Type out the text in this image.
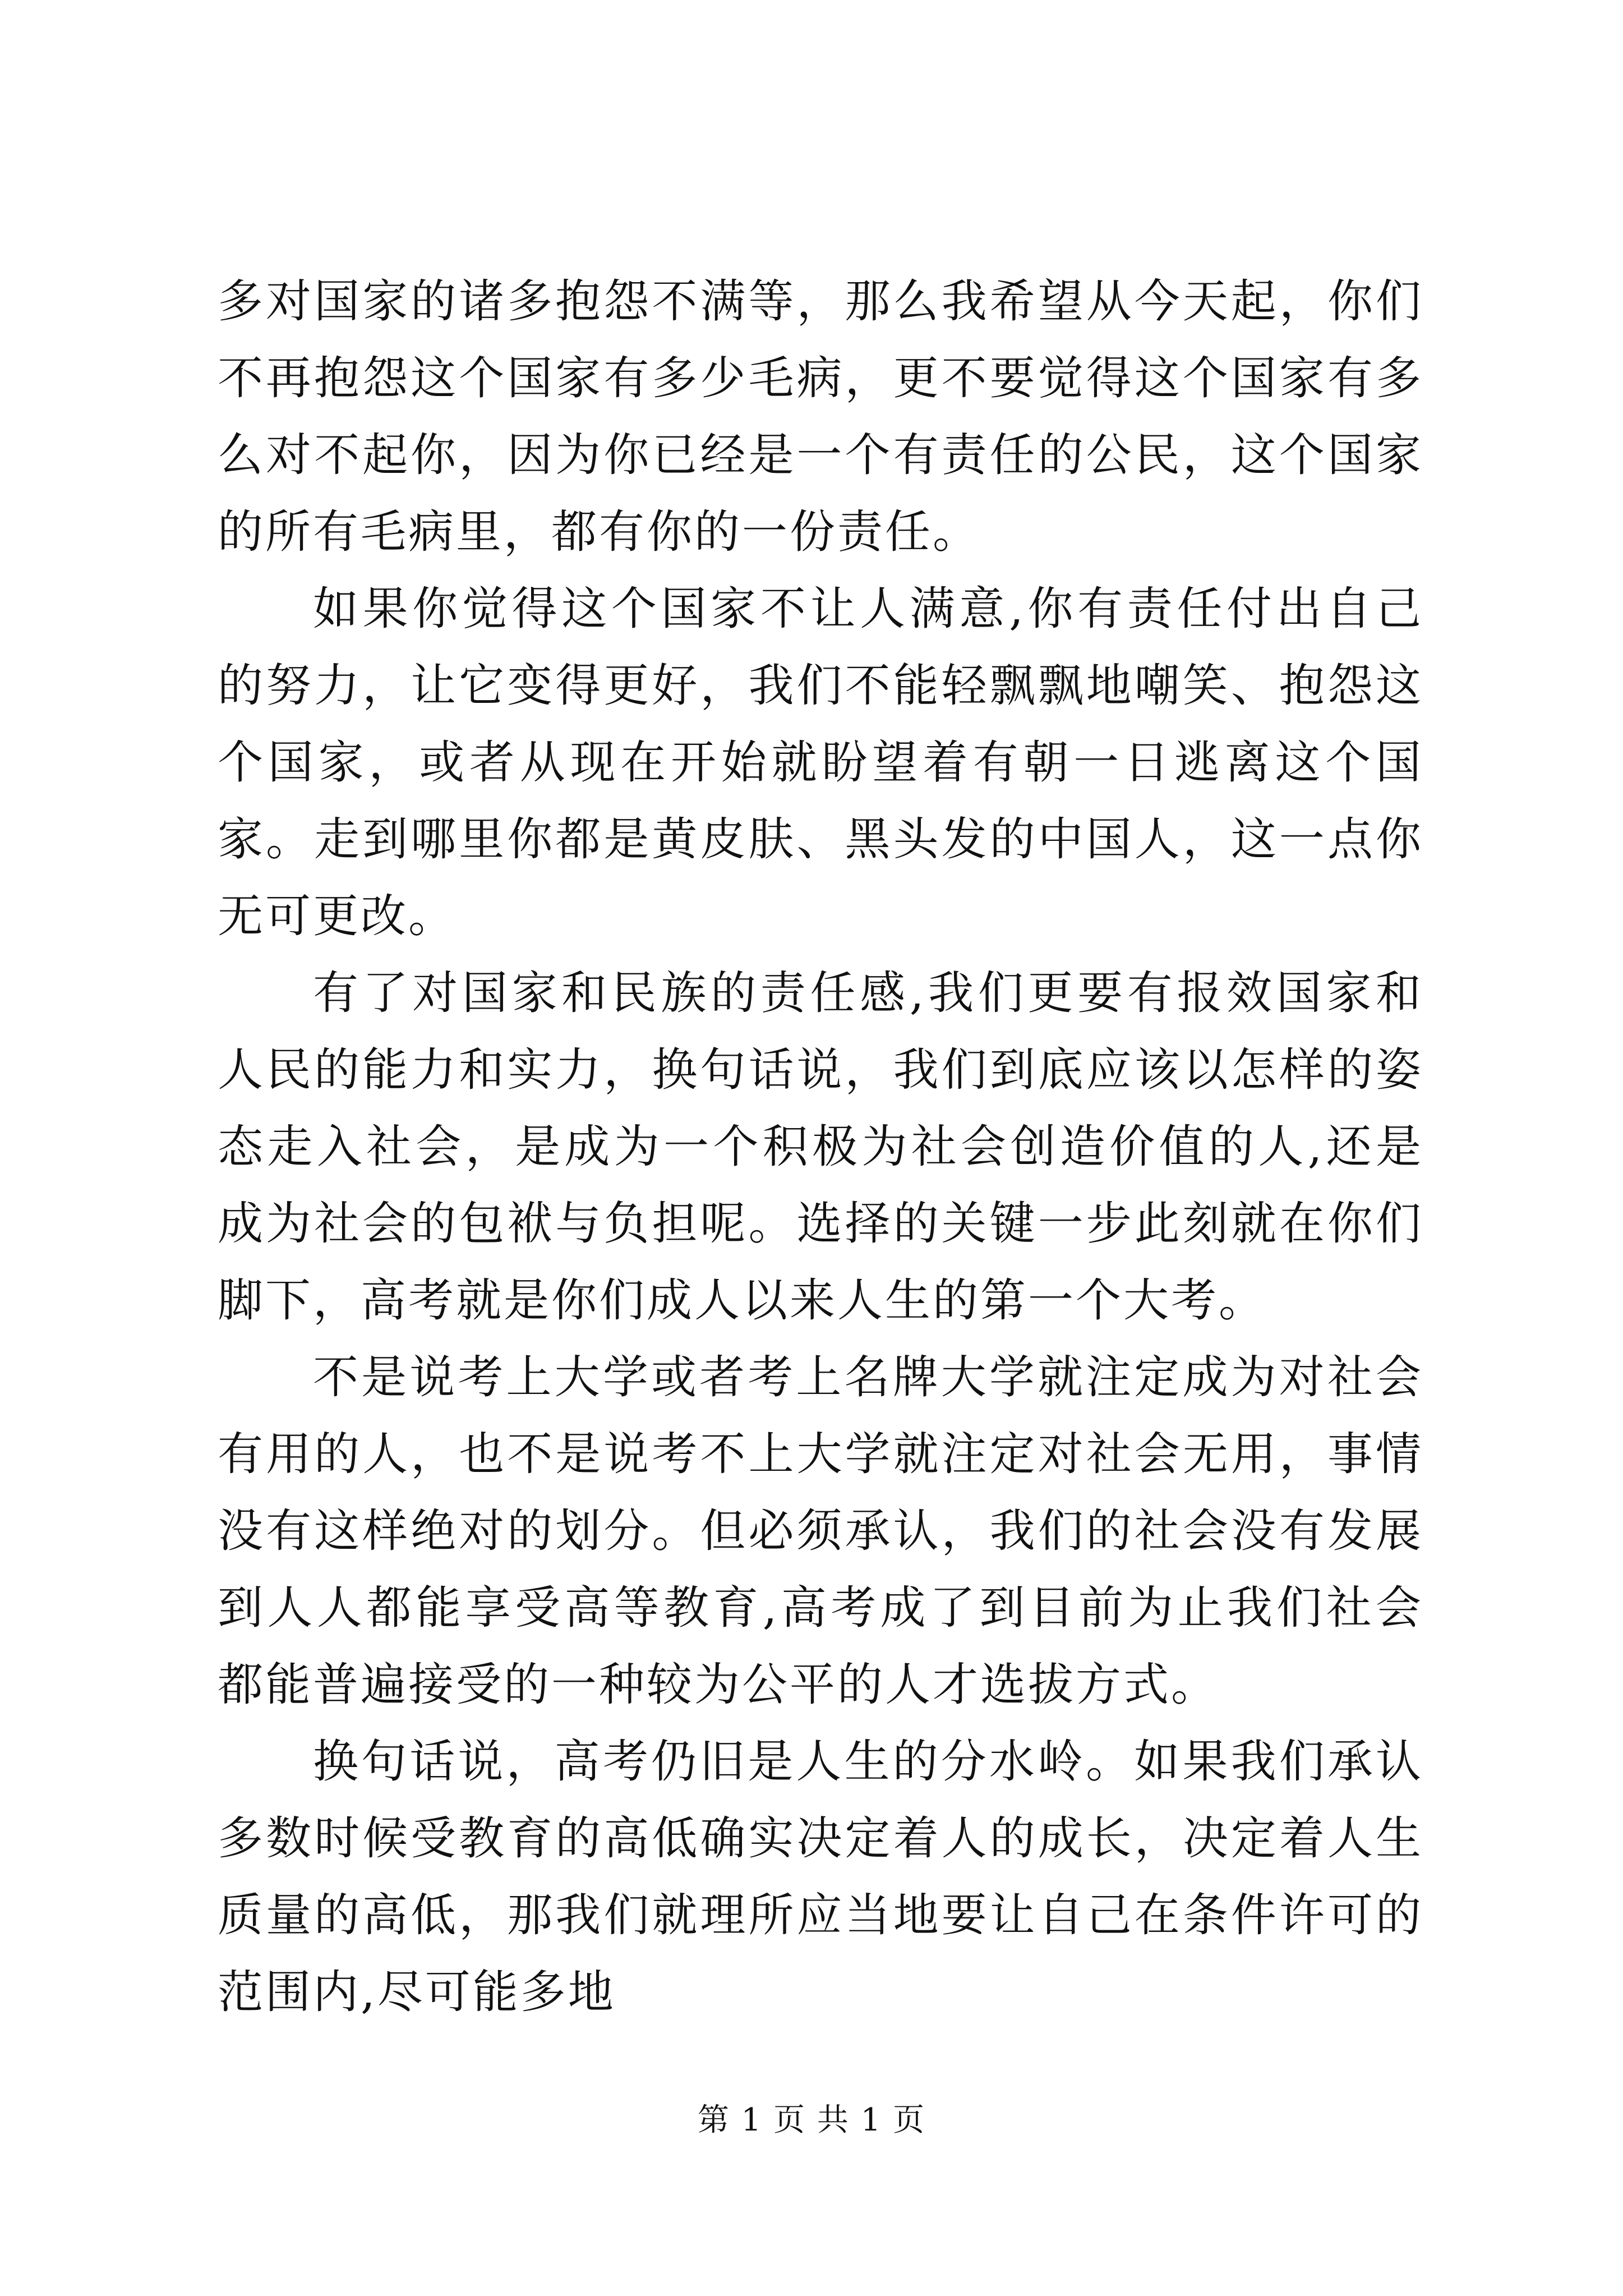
多对国家的诸多抱怨不满等，那么我希望从今天起，你们不再抱怨这个国家有多少毛病，更不要觉得这个国家有多么对不起你，因为你已经是一个有责任的公民，这个国家的所有毛病里，都有你的一份责任。

如果你觉得这个国家不让人满意,你有责任付出自己的努力，让它变得更好，我们不能轻飘飘地嘲笑、抱怨这个国家，或者从现在开始就盼望着有朝一日逃离这个国家。走到哪里你都是黄皮肤、黑头发的中国人，这一点你无可更改。

有了对国家和民族的责任感,我们更要有报效国家和人民的能力和实力，换句话说，我们到底应该以怎样的姿态走入社会，是成为一个积极为社会创造价值的人,还是成为社会的包袱与负担呢。选择的关键一步此刻就在你们脚下，高考就是你们成人以来人生的第一个大考。

不是说考上大学或者考上名牌大学就注定成为对社会有用的人，也不是说考不上大学就注定对社会无用，事情没有这样绝对的划分。但必须承认，我们的社会没有发展到人人都能享受高等教育,高考成了到目前为止我们社会都能普遍接受的一种较为公平的人才选拔方式。

换句话说，高考仍旧是人生的分水岭。如果我们承认多数时候受教育的高低确实决定着人的成长，决定着人生质量的高低，那我们就理所应当地要让自己在条件许可的范围内,尽可能多地

第 1 页 共 1 页
